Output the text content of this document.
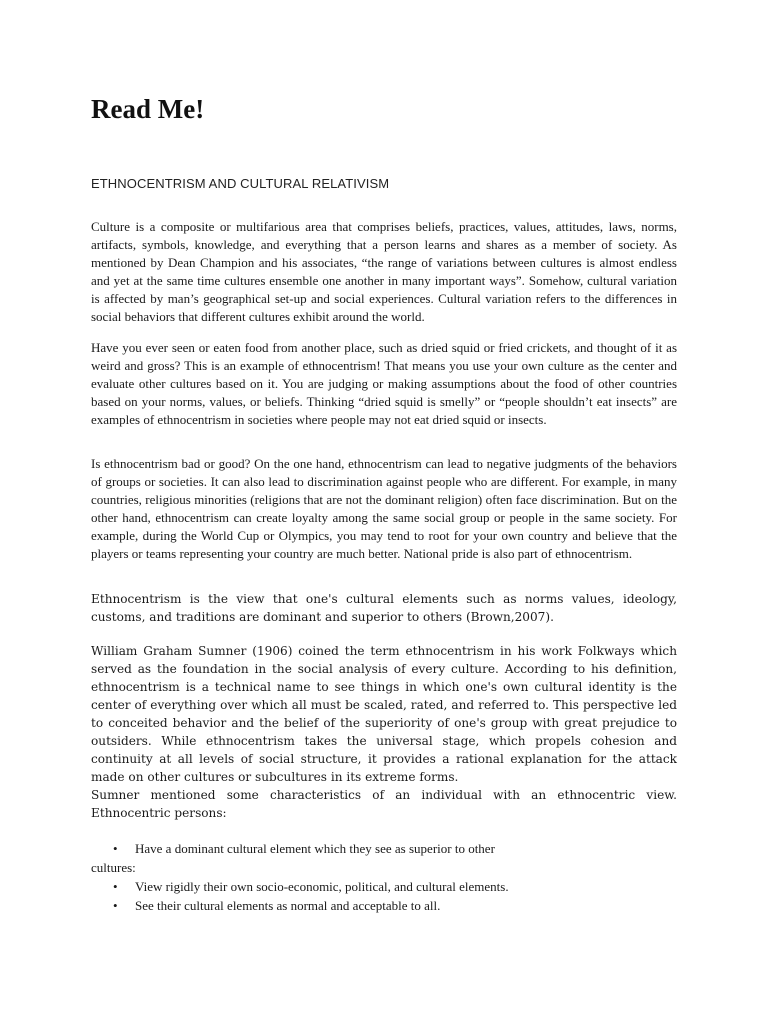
Read Me!
ETHNOCENTRISM AND CULTURAL RELATIVISM

Culture is a composite or multifarious area that comprises beliefs, practices, values, attitudes, laws, norms, artifacts, symbols, knowledge, and everything that a person learns and shares as a member of society. As mentioned by Dean Champion and his associates, “the range of variations between cultures is almost endless and yet at the same time cultures ensemble one another in many important ways”. Somehow, cultural variation is affected by man’s geographical set-up and social experiences. Cultural variation refers to the differences in social behaviors that different cultures exhibit around the world.

Have you ever seen or eaten food from another place, such as dried squid or fried crickets, and thought of it as weird and gross? This is an example of ethnocentrism! That means you use your own culture as the center and evaluate other cultures based on it. You are judging or making assumptions about the food of other countries based on your norms, values, or beliefs. Thinking “dried squid is smelly” or “people shouldn’t eat insects” are examples of ethnocentrism in societies where people may not eat dried squid or insects.

Is ethnocentrism bad or good? On the one hand, ethnocentrism can lead to negative judgments of the behaviors of groups or societies. It can also lead to discrimination against people who are different. For example, in many countries, religious minorities (religions that are not the dominant religion) often face discrimination. But on the other hand, ethnocentrism can create loyalty among the same social group or people in the same society. For example, during the World Cup or Olympics, you may tend to root for your own country and believe that the players or teams representing your country are much better. National pride is also part of ethnocentrism.

Ethnocentrism is the view that one's cultural elements such as norms values, ideology, customs, and traditions are dominant and superior to others (Brown,2007).

William Graham Sumner (1906) coined the term ethnocentrism in his work Folkways which served as the foundation in the social analysis of every culture. According to his definition, ethnocentrism is a technical name to see things in which one's own cultural identity is the center of everything over which all must be scaled, rated, and referred to. This perspective led to conceited behavior and the belief of the superiority of one's group with great prejudice to outsiders. While ethnocentrism takes the universal stage, which propels cohesion and continuity at all levels of social structure, it provides a rational explanation for the attack made on other cultures or subcultures in its extreme forms.

Sumner mentioned some characteristics of an individual with an ethnocentric view. Ethnocentric persons:

• Have a dominant cultural element which they see as superior to other
cultures:
• View rigidly their own socio-economic, political, and cultural elements.
• See their cultural elements as normal and acceptable to all.
